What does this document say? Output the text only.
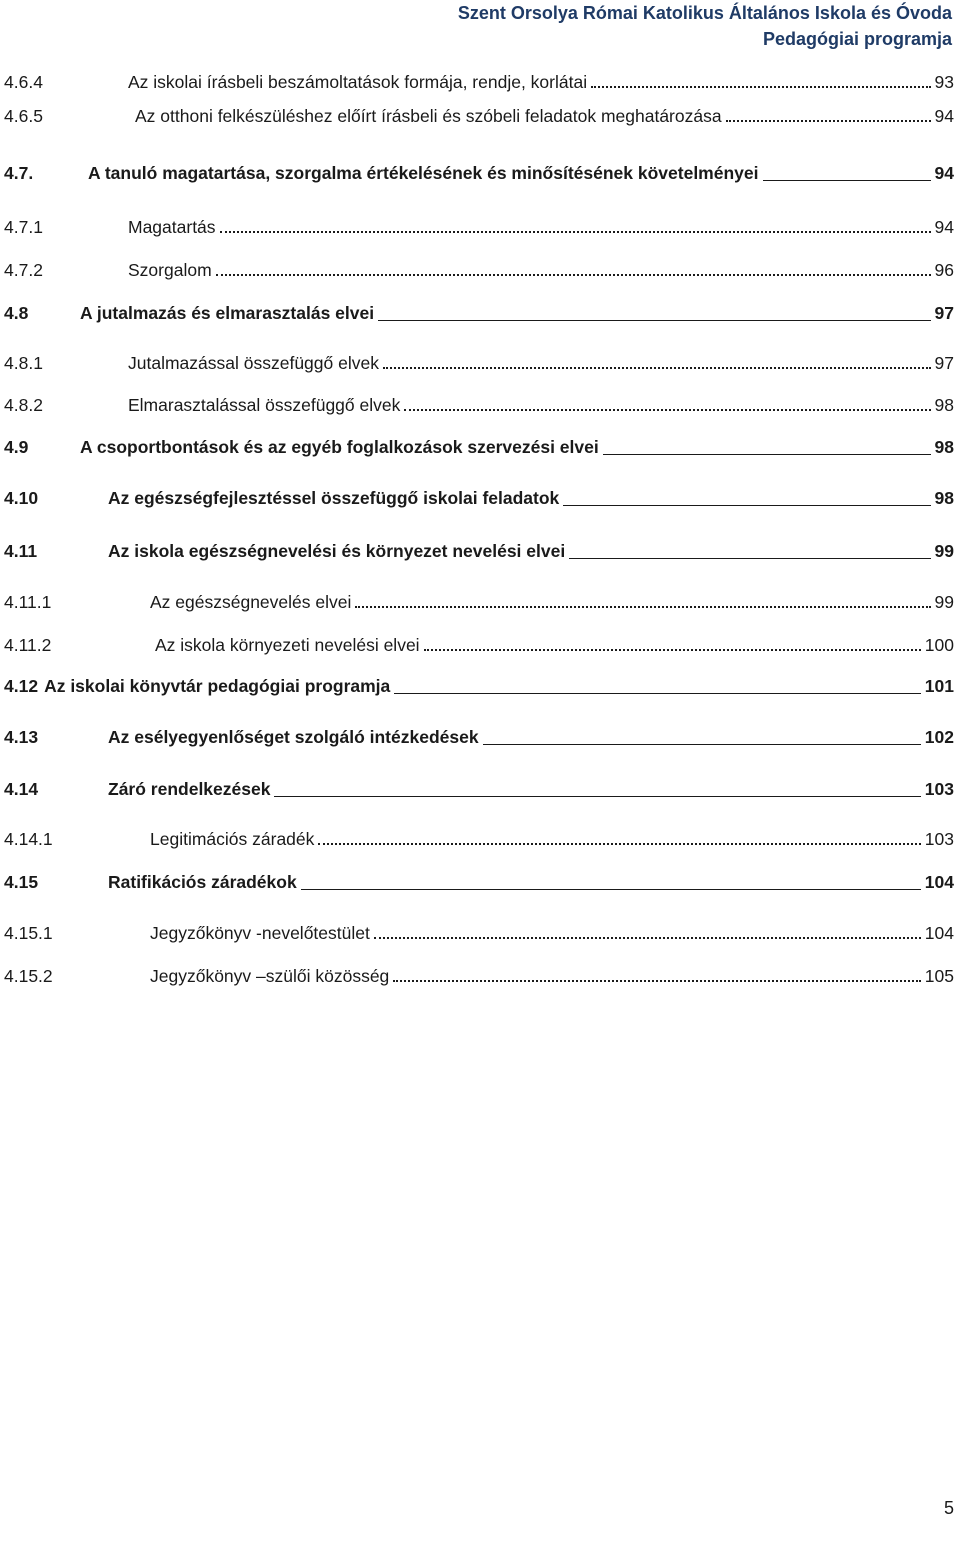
Szent Orsolya Római Katolikus Általános Iskola és Óvoda
Pedagógiai programja
4.6.4	Az iskolai írásbeli beszámoltatások formája, rendje, korlátai	93
4.6.5	Az otthoni felkészüléshez előírt írásbeli és szóbeli feladatok meghatározása	94
4.7.	A tanuló magatartása, szorgalma értékelésének és minősítésének követelményei	94
4.7.1	Magatartás	94
4.7.2	Szorgalom	96
4.8	A jutalmazás és elmarasztalás elvei	97
4.8.1	Jutalmazással összefüggő elvek	97
4.8.2	Elmarasztalással összefüggő elvek	98
4.9	A csoportbontások és az egyéb foglalkozások szervezési elvei	98
4.10	Az egészségfejlesztéssel összefüggő iskolai feladatok	98
4.11	Az iskola egészségnevelési és környezet nevelési elvei	99
4.11.1	Az egészségnevelés elvei	99
4.11.2	Az iskola környezeti nevelési elvei	100
4.12 Az iskolai könyvtár pedagógiai programja	101
4.13	Az esélyegyenlőséget szolgáló intézkedések	102
4.14	Záró rendelkezések	103
4.14.1	Legitimációs záradék	103
4.15	Ratifikációs záradékok	104
4.15.1	Jegyzőkönyv -nevelőtestület	104
4.15.2	Jegyzőkönyv –szülői közösség	105
5
